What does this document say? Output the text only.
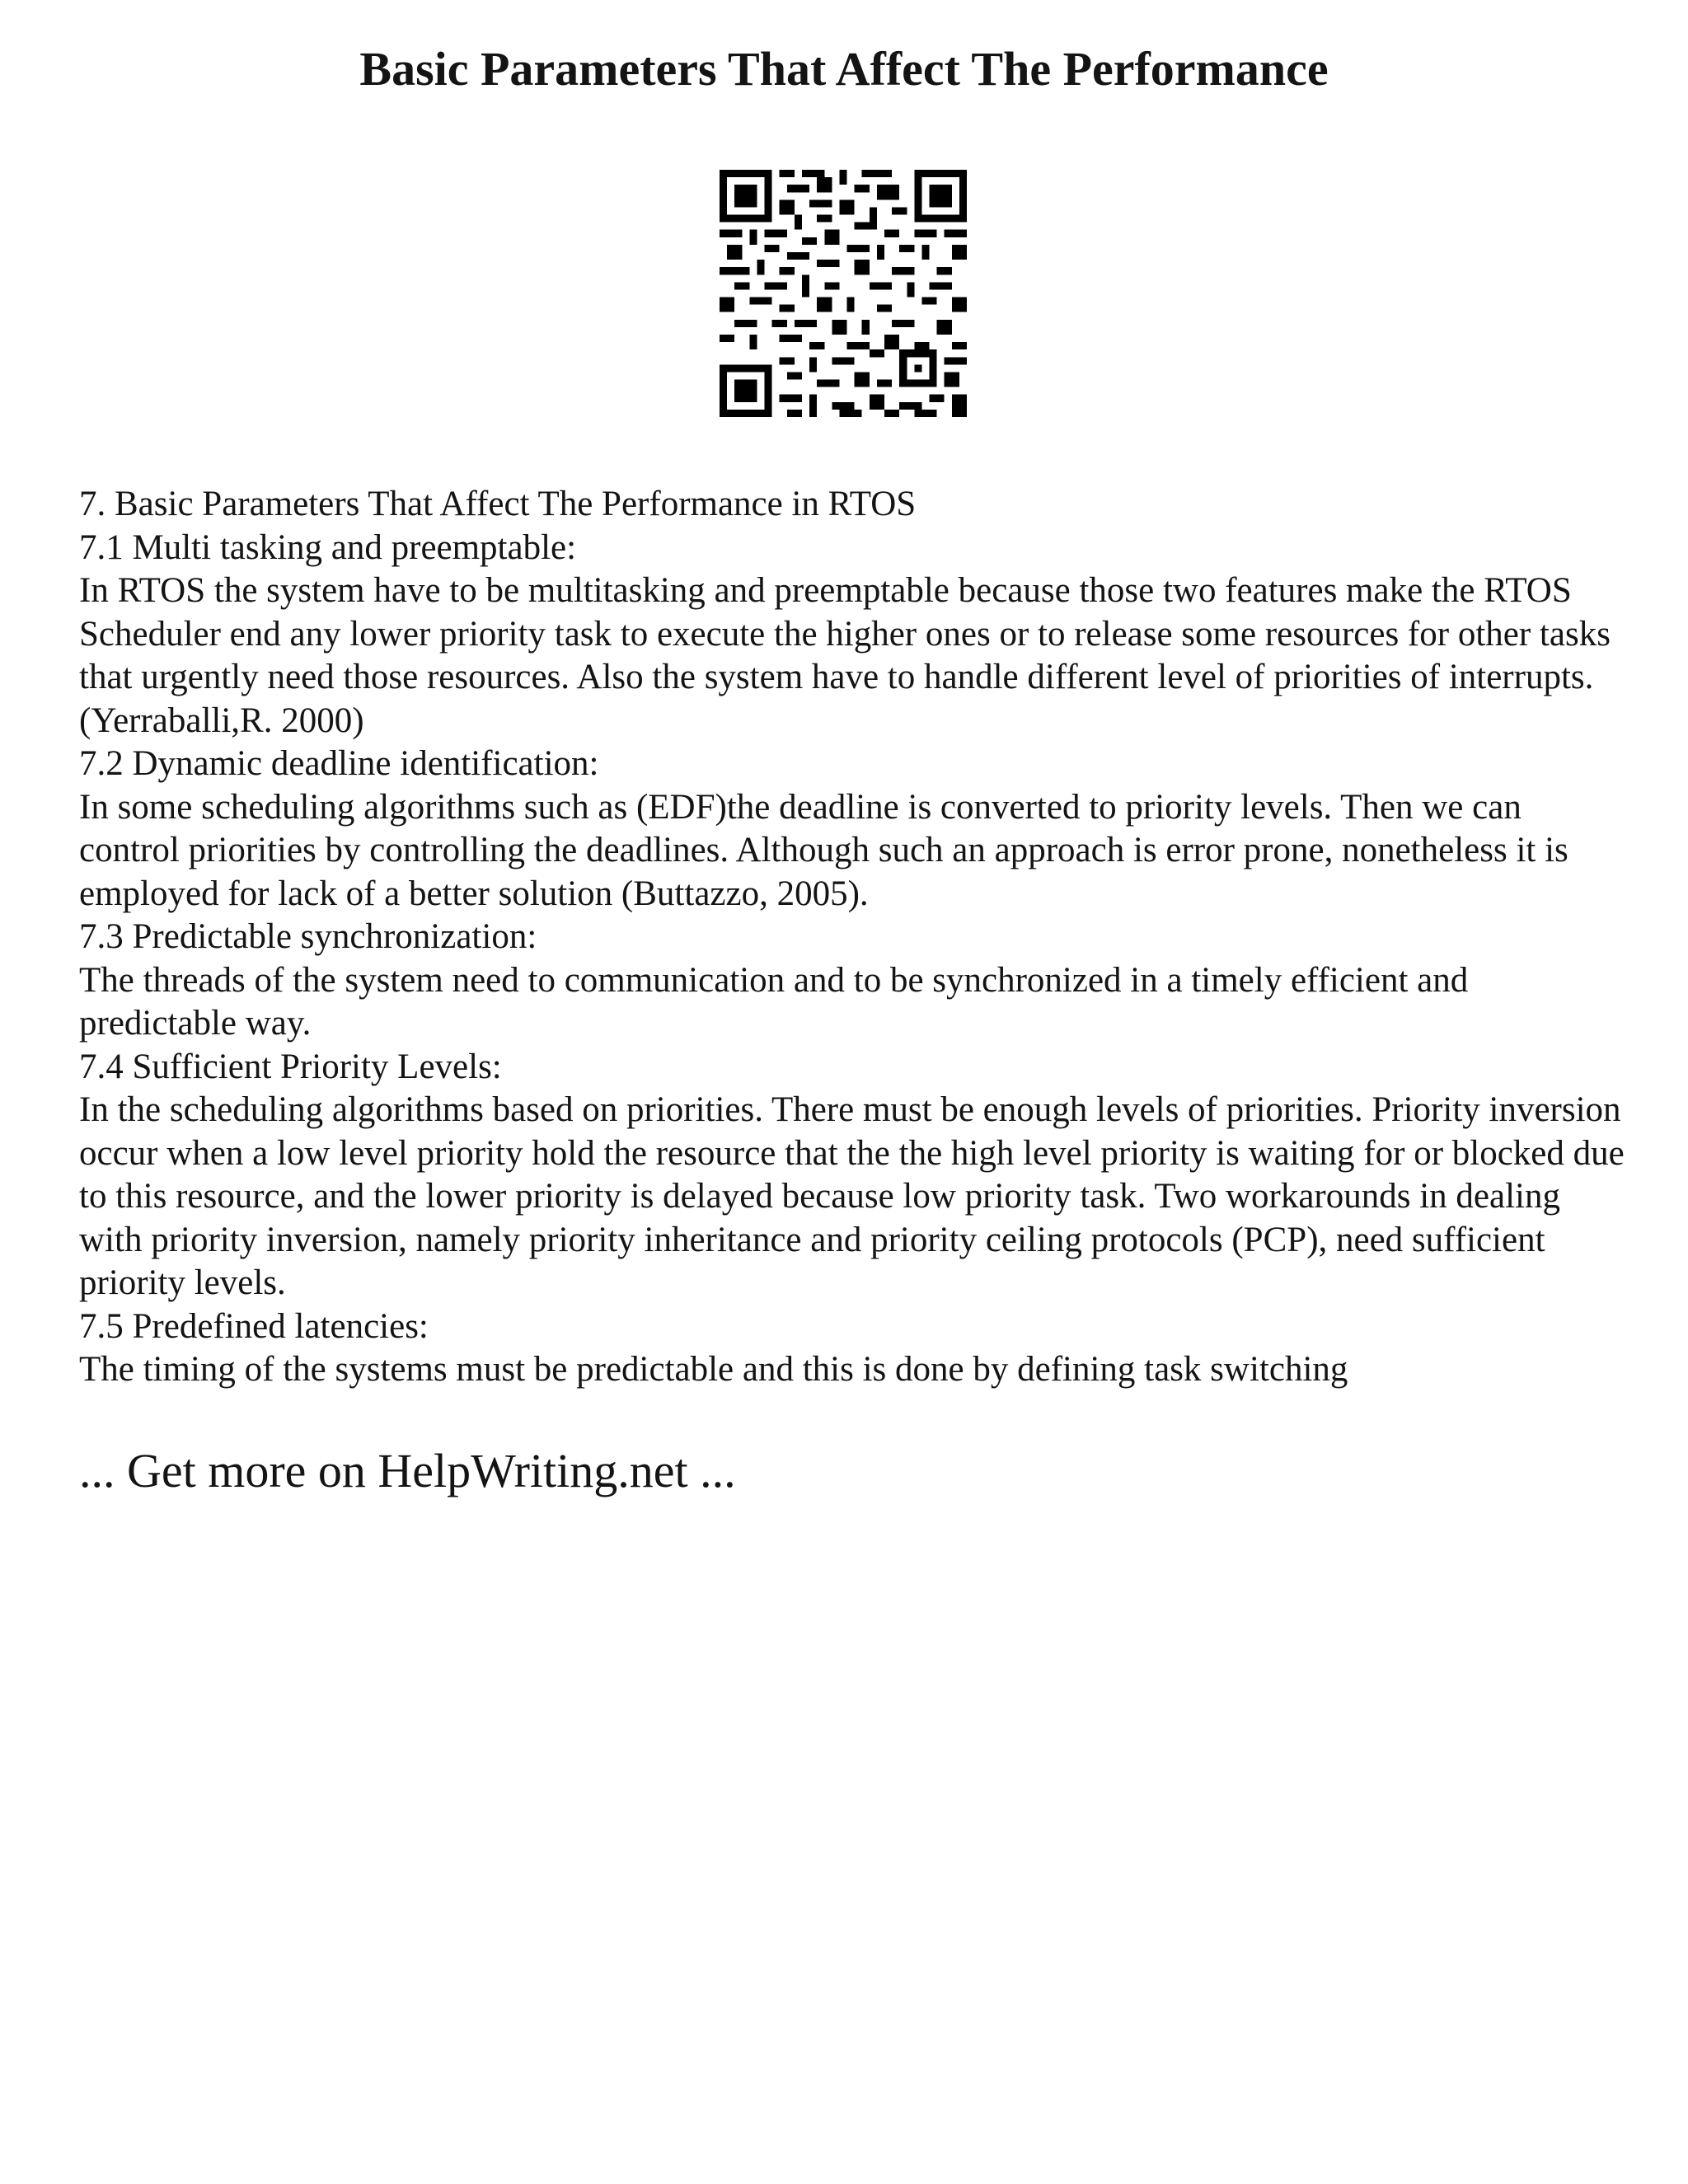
Basic Parameters That Affect The Performance

7. Basic Parameters That Affect The Performance in RTOS

7.1 Multi tasking and preemptable:

In RTOS the system have to be multitasking and preemptable because those two features make the RTOS Scheduler end any lower priority task to execute the higher ones or to release some resources for other tasks that urgently need those resources. Also the system have to handle different level of priorities of interrupts.(Yerraballi,R. 2000)

7.2 Dynamic deadline identification:

In some scheduling algorithms such as (EDF)the deadline is converted to priority levels. Then we can control priorities by controlling the deadlines. Although such an approach is error prone, nonetheless it is employed for lack of a better solution (Buttazzo, 2005).

7.3 Predictable synchronization:

The threads of the system need to communication and to be synchronized in a timely efficient and predictable way.

7.4 Sufficient Priority Levels:

In the scheduling algorithms based on priorities. There must be enough levels of priorities. Priority inversion occur when a low level priority hold the resource that the the high level priority is waiting for or blocked due to this resource, and the lower priority is delayed because low priority task. Two workarounds in dealing with priority inversion, namely priority inheritance and priority ceiling protocols (PCP), need sufficient priority levels.

7.5 Predefined latencies:

The timing of the systems must be predictable and this is done by defining task switching

... Get more on HelpWriting.net ...
